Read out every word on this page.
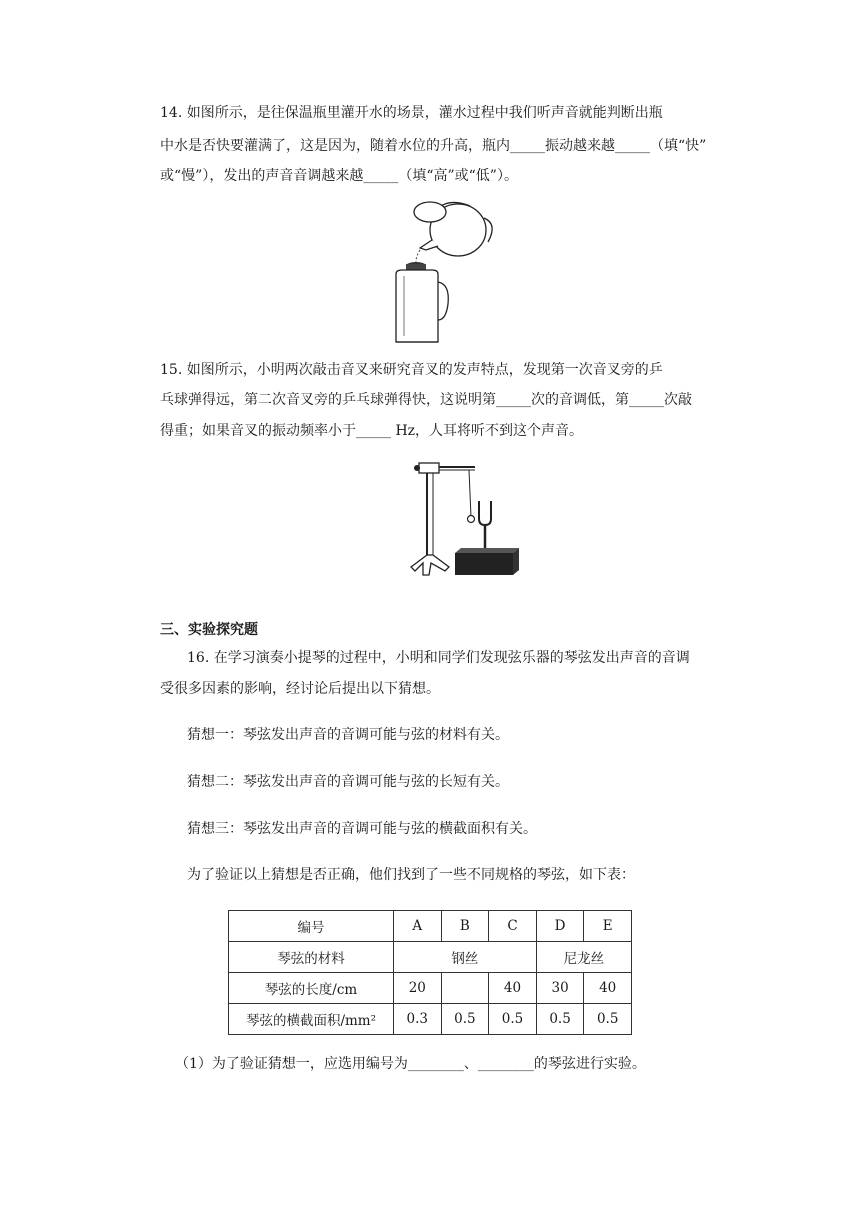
14. 如图所示，是往保温瓶里灌开水的场景，灌水过程中我们听声音就能判断出瓶
中水是否快要灌满了，这是因为，随着水位的升高，瓶内_____振动越来越_____（填“快”
或“慢”），发出的声音音调越来越_____（填“高”或“低”）。
15. 如图所示，小明两次敲击音叉来研究音叉的发声特点，发现第一次音叉旁的乒
乓球弹得远，第二次音叉旁的乒乓球弹得快，这说明第_____次的音调低，第_____次敲
得重；如果音叉的振动频率小于_____ Hz，人耳将听不到这个声音。
三、实验探究题
16. 在学习演奏小提琴的过程中，小明和同学们发现弦乐器的琴弦发出声音的音调
受很多因素的影响，经讨论后提出以下猜想。
猜想一：琴弦发出声音的音调可能与弦的材料有关。
猜想二：琴弦发出声音的音调可能与弦的长短有关。
猜想三：琴弦发出声音的音调可能与弦的横截面积有关。
为了验证以上猜想是否正确，他们找到了一些不同规格的琴弦，如下表：
编号	A	B	C	D	E
琴弦的材料	钢丝			尼龙丝	
琴弦的长度/cm	20		40	30	40
琴弦的横截面积/mm²	0.3	0.5	0.5	0.5	0.5
（1）为了验证猜想一，应选用编号为________、________的琴弦进行实验。
